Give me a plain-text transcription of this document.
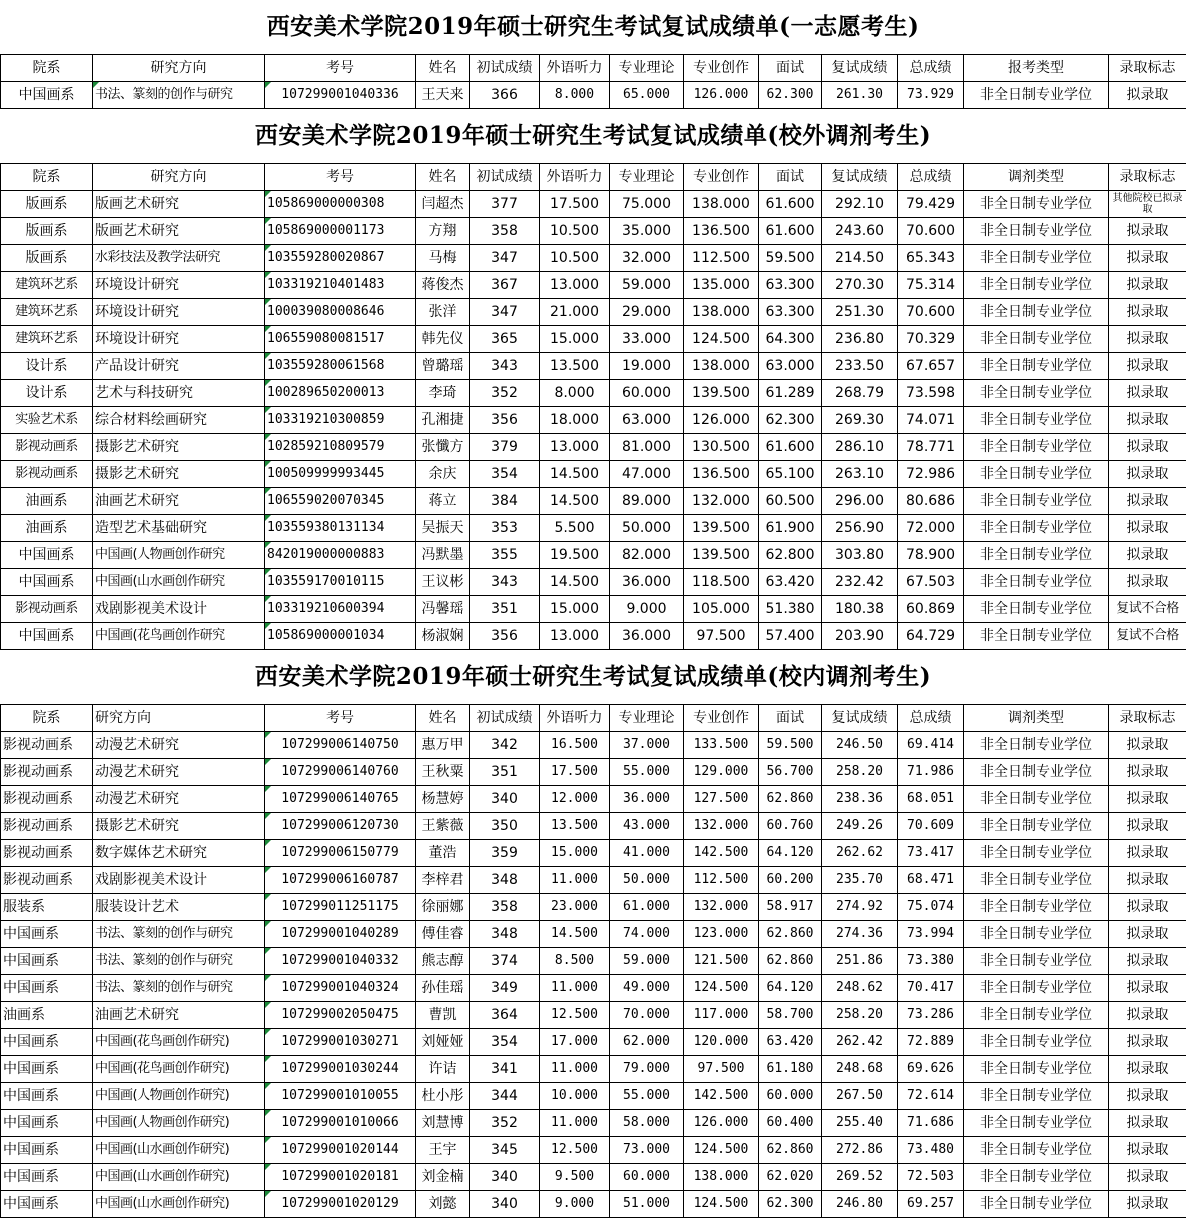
西安美术学院2019年硕士研究生考试复试成绩单(一志愿考生)
院系	研究方向	考号	姓名	初试成绩	外语听力	专业理论	专业创作	面试	复试成绩	总成绩	报考类型	录取标志
中国画系	书法、篆刻的创作与研究	107299001040336	王天来	366	8.000	65.000	126.000	62.300	261.30	73.929	非全日制专业学位	拟录取
西安美术学院2019年硕士研究生考试复试成绩单(校外调剂考生)
院系	研究方向	考号	姓名	初试成绩	外语听力	专业理论	专业创作	面试	复试成绩	总成绩	调剂类型	录取标志
版画系	版画艺术研究	105869000000308	闫超杰	377	17.500	75.000	138.000	61.600	292.10	79.429	非全日制专业学位	其他院校已拟录取
版画系	版画艺术研究	105869000001173	方翔	358	10.500	35.000	136.500	61.600	243.60	70.600	非全日制专业学位	拟录取
版画系	水彩技法及教学法研究	103559280020867	马梅	347	10.500	32.000	112.500	59.500	214.50	65.343	非全日制专业学位	拟录取
建筑环艺系	环境设计研究	103319210401483	蒋俊杰	367	13.000	59.000	135.000	63.300	270.30	75.314	非全日制专业学位	拟录取
建筑环艺系	环境设计研究	100039080008646	张洋	347	21.000	29.000	138.000	63.300	251.30	70.600	非全日制专业学位	拟录取
建筑环艺系	环境设计研究	106559080081517	韩先仪	365	15.000	33.000	124.500	64.300	236.80	70.329	非全日制专业学位	拟录取
设计系	产品设计研究	103559280061568	曾璐瑶	343	13.500	19.000	138.000	63.000	233.50	67.657	非全日制专业学位	拟录取
设计系	艺术与科技研究	100289650200013	李琦	352	8.000	60.000	139.500	61.289	268.79	73.598	非全日制专业学位	拟录取
实验艺术系	综合材料绘画研究	103319210300859	孔湘捷	356	18.000	63.000	126.000	62.300	269.30	74.071	非全日制专业学位	拟录取
影视动画系	摄影艺术研究	102859210809579	张懺方	379	13.000	81.000	130.500	61.600	286.10	78.771	非全日制专业学位	拟录取
影视动画系	摄影艺术研究	100509999993445	余庆	354	14.500	47.000	136.500	65.100	263.10	72.986	非全日制专业学位	拟录取
油画系	油画艺术研究	106559020070345	蒋立	384	14.500	89.000	132.000	60.500	296.00	80.686	非全日制专业学位	拟录取
油画系	造型艺术基础研究	103559380131134	吴振天	353	5.500	50.000	139.500	61.900	256.90	72.000	非全日制专业学位	拟录取
中国画系	中国画(人物画创作研究	842019000000883	冯默墨	355	19.500	82.000	139.500	62.800	303.80	78.900	非全日制专业学位	拟录取
中国画系	中国画(山水画创作研究	103559170010115	王议彬	343	14.500	36.000	118.500	63.420	232.42	67.503	非全日制专业学位	拟录取
影视动画系	戏剧影视美术设计	103319210600394	冯馨瑶	351	15.000	9.000	105.000	51.380	180.38	60.869	非全日制专业学位	复试不合格
中国画系	中国画(花鸟画创作研究	105869000001034	杨淑娴	356	13.000	36.000	97.500	57.400	203.90	64.729	非全日制专业学位	复试不合格
西安美术学院2019年硕士研究生考试复试成绩单(校内调剂考生)
院系	研究方向	考号	姓名	初试成绩	外语听力	专业理论	专业创作	面试	复试成绩	总成绩	调剂类型	录取标志
影视动画系	动漫艺术研究	107299006140750	惠万甲	342	16.500	37.000	133.500	59.500	246.50	69.414	非全日制专业学位	拟录取
影视动画系	动漫艺术研究	107299006140760	王秋粟	351	17.500	55.000	129.000	56.700	258.20	71.986	非全日制专业学位	拟录取
影视动画系	动漫艺术研究	107299006140765	杨慧婷	340	12.000	36.000	127.500	62.860	238.36	68.051	非全日制专业学位	拟录取
影视动画系	摄影艺术研究	107299006120730	王紫薇	350	13.500	43.000	132.000	60.760	249.26	70.609	非全日制专业学位	拟录取
影视动画系	数字媒体艺术研究	107299006150779	董浩	359	15.000	41.000	142.500	64.120	262.62	73.417	非全日制专业学位	拟录取
影视动画系	戏剧影视美术设计	107299006160787	李梓君	348	11.000	50.000	112.500	60.200	235.70	68.471	非全日制专业学位	拟录取
服装系	服装设计艺术	107299011251175	徐丽娜	358	23.000	61.000	132.000	58.917	274.92	75.074	非全日制专业学位	拟录取
中国画系	书法、篆刻的创作与研究	107299001040289	傅佳睿	348	14.500	74.000	123.000	62.860	274.36	73.994	非全日制专业学位	拟录取
中国画系	书法、篆刻的创作与研究	107299001040332	熊志醇	374	8.500	59.000	121.500	62.860	251.86	73.380	非全日制专业学位	拟录取
中国画系	书法、篆刻的创作与研究	107299001040324	孙佳瑶	349	11.000	49.000	124.500	64.120	248.62	70.417	非全日制专业学位	拟录取
油画系	油画艺术研究	107299002050475	曹凯	364	12.500	70.000	117.000	58.700	258.20	73.286	非全日制专业学位	拟录取
中国画系	中国画(花鸟画创作研究)	107299001030271	刘娅娅	354	17.000	62.000	120.000	63.420	262.42	72.889	非全日制专业学位	拟录取
中国画系	中国画(花鸟画创作研究)	107299001030244	许诘	341	11.000	79.000	97.500	61.180	248.68	69.626	非全日制专业学位	拟录取
中国画系	中国画(人物画创作研究)	107299001010055	杜小彤	344	10.000	55.000	142.500	60.000	267.50	72.614	非全日制专业学位	拟录取
中国画系	中国画(人物画创作研究)	107299001010066	刘慧博	352	11.000	58.000	126.000	60.400	255.40	71.686	非全日制专业学位	拟录取
中国画系	中国画(山水画创作研究)	107299001020144	王宇	345	12.500	73.000	124.500	62.860	272.86	73.480	非全日制专业学位	拟录取
中国画系	中国画(山水画创作研究)	107299001020181	刘金楠	340	9.500	60.000	138.000	62.020	269.52	72.503	非全日制专业学位	拟录取
中国画系	中国画(山水画创作研究)	107299001020129	刘懿	340	9.000	51.000	124.500	62.300	246.80	69.257	非全日制专业学位	拟录取
